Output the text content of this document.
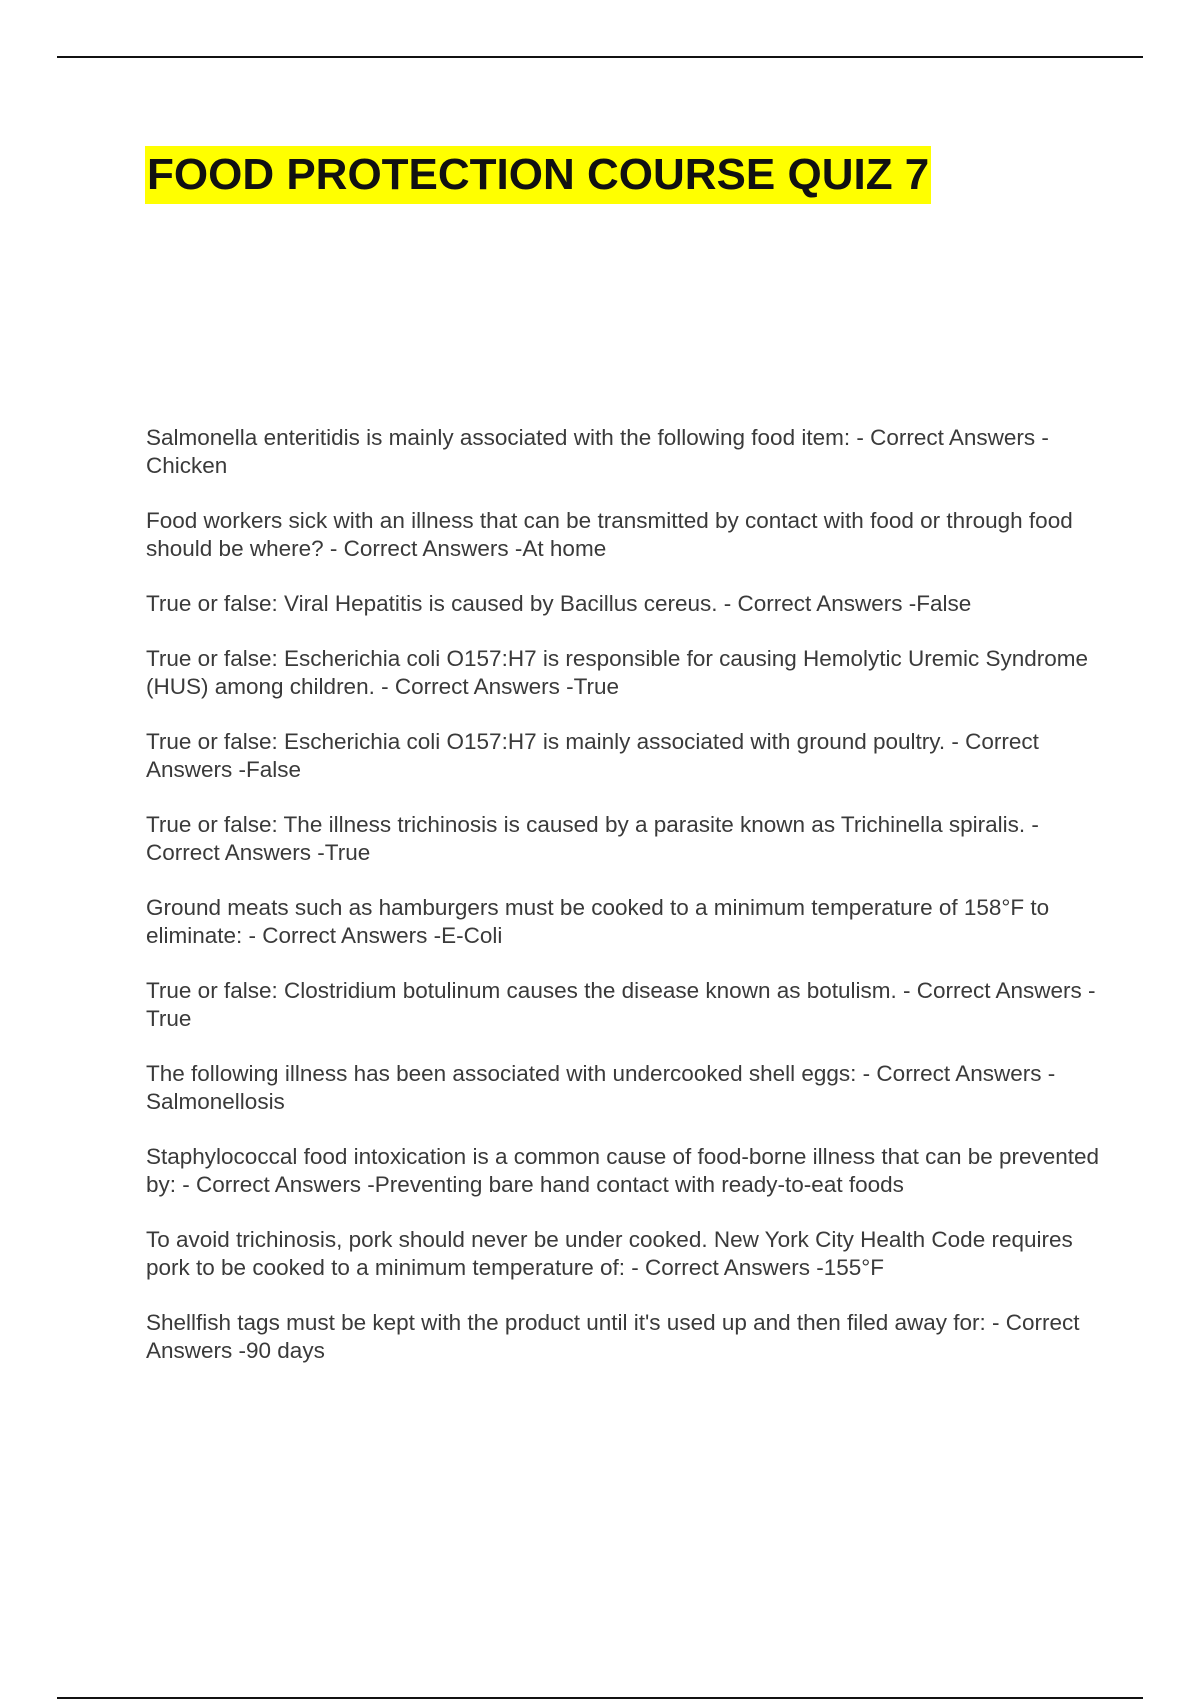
FOOD PROTECTION COURSE QUIZ 7
Salmonella enteritidis is mainly associated with the following food item: - Correct Answers -Chicken
Food workers sick with an illness that can be transmitted by contact with food or through food should be where? - Correct Answers -At home
True or false: Viral Hepatitis is caused by Bacillus cereus. - Correct Answers -False
True or false: Escherichia coli O157:H7 is responsible for causing Hemolytic Uremic Syndrome (HUS) among children. - Correct Answers -True
True or false: Escherichia coli O157:H7 is mainly associated with ground poultry. - Correct Answers -False
True or false: The illness trichinosis is caused by a parasite known as Trichinella spiralis. - Correct Answers -True
Ground meats such as hamburgers must be cooked to a minimum temperature of 158°F to eliminate: - Correct Answers -E-Coli
True or false: Clostridium botulinum causes the disease known as botulism. - Correct Answers -True
The following illness has been associated with undercooked shell eggs: - Correct Answers -Salmonellosis
Staphylococcal food intoxication is a common cause of food-borne illness that can be prevented by: - Correct Answers -Preventing bare hand contact with ready-to-eat foods
To avoid trichinosis, pork should never be under cooked. New York City Health Code requires pork to be cooked to a minimum temperature of: - Correct Answers -155°F
Shellfish tags must be kept with the product until it's used up and then filed away for: - Correct Answers -90 days
